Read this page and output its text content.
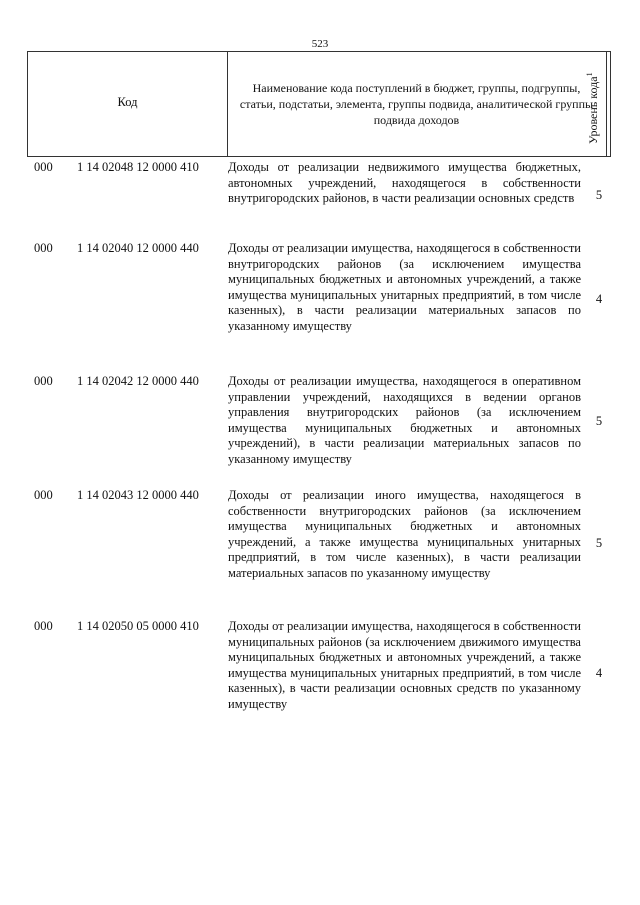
523
Код
Наименование кода поступлений в бюджет, группы, подгруппы, статьи, подстатьи, элемента, группы подвида, аналитической группы подвида доходов	Уровень кода$^1$
000 1 14 02048 12 0000 410 Доходы от реализации недвижимого имущества бюджетных, автономных учреждений, находящегося в собственности внутригородских районов, в части реализации основных средств	5
000 1 14 02040 12 0000 440 Доходы от реализации имущества, находящегося в собственности внутригородских районов (за исключением имущества муниципальных бюджетных и автономных учреждений, а также имущества муниципальных унитарных предприятий, в том числе казенных), в части реализации материальных запасов по указанному имуществу
4
000 1 14 02042 12 0000 440 Доходы от реализации имущества, находящегося в оперативном управлении учреждений, находящихся в ведении органов управления внутригородских районов (за исключением имущества муниципальных бюджетных и автономных учреждений), в части реализации материальных запасов по указанному имуществу
5
000 1 14 02043 12 0000 440 Доходы от реализации иного имущества, находящегося в собственности внутригородских районов (за исключением имущества муниципальных бюджетных и автономных учреждений, а также имущества муниципальных унитарных предприятий, в том числе казенных), в части реализации материальных запасов по указанному имуществу
5
000 1 14 02050 05 0000 410 Доходы от реализации имущества, находящегося в собственности муниципальных районов (за исключением движимого имущества муниципальных бюджетных и автономных учреждений, а также имущества муниципальных унитарных предприятий, в том числе казенных), в части реализации основных средств по указанному имуществу
4
